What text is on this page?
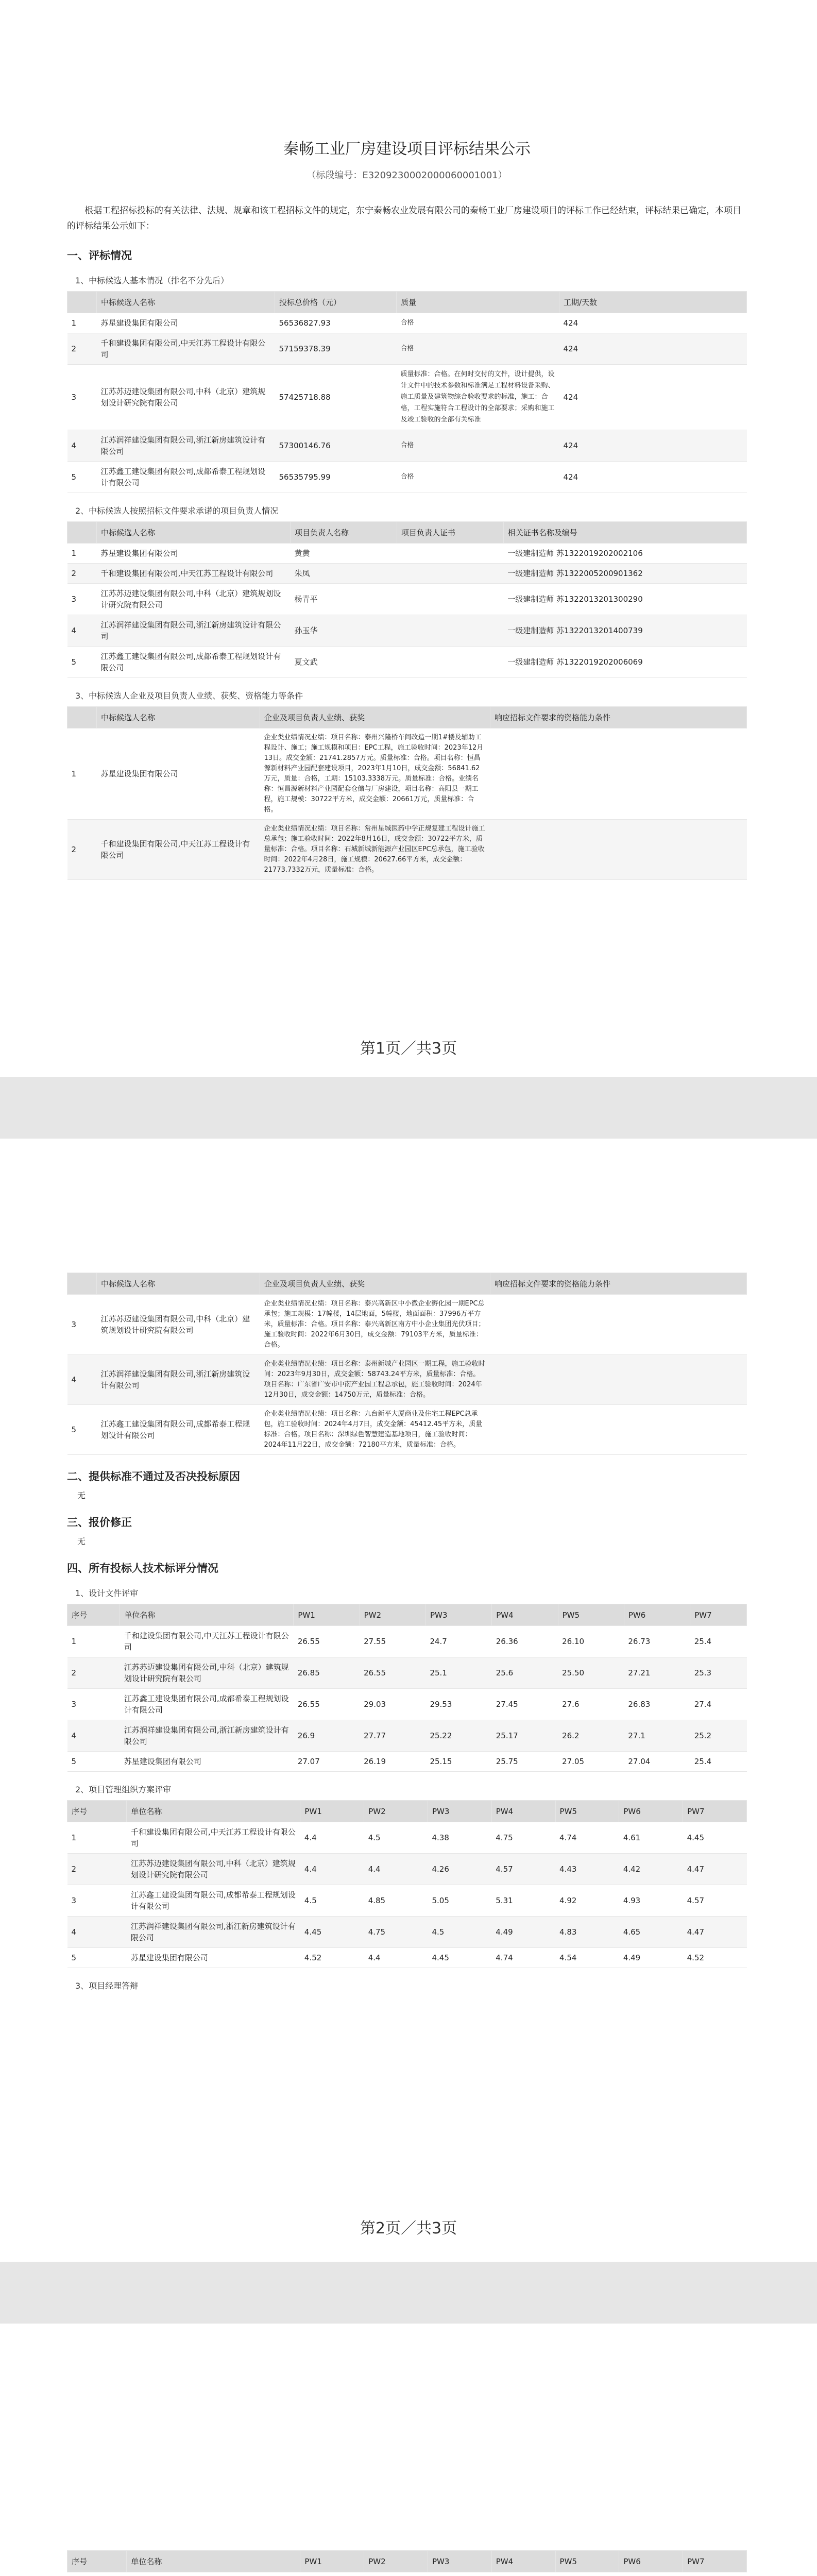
秦畅工业厂房建设项目评标结果公示
（标段编号：E3209230002000060001001）
根据工程招标投标的有关法律、法规、规章和该工程招标文件的规定，东宁秦畅农业发展有限公司的秦畅工业厂房建设项目的评标工作已经结束，评标结果已确定，本项目的评标结果公示如下：
一、评标情况
1、中标候选人基本情况（排名不分先后）
	中标候选人名称	投标总价格（元）	质量	工期/天数
1	苏星建设集团有限公司	56536827.93	合格	424
2	千和建设集团有限公司,中天江苏工程设计有限公司	57159378.39	合格	424
3	江苏苏迈建设集团有限公司,中科（北京）建筑规划设计研究院有限公司	57425718.88	质量标准：合格。在何时交付的文件，设计提供，设计文件中的技术参数和标准满足工程材料设备采购、施工质量及建筑物综合验收要求的标准，施工：合格，工程实施符合工程设计的全部要求；采购和施工及竣工验收的全部有关标准	424
4	江苏润祥建设集团有限公司,浙江新房建筑设计有限公司	57300146.76	合格	424
5	江苏鑫工建设集团有限公司,成都希泰工程规划设计有限公司	56535795.99	合格	424
2、中标候选人按照招标文件要求承诺的项目负责人情况
	中标候选人名称	项目负责人名称	项目负责人证书	相关证书名称及编号
1	苏星建设集团有限公司	黄黄		一级建制造师 苏1322019202002106
2	千和建设集团有限公司,中天江苏工程设计有限公司	朱凤		一级建制造师 苏1322005200901362
3	江苏苏迈建设集团有限公司,中科（北京）建筑规划设计研究院有限公司	杨青平		一级建制造师 苏1322013201300290
4	江苏润祥建设集团有限公司,浙江新房建筑设计有限公司	孙玉华		一级建制造师 苏1322013201400739
5	江苏鑫工建设集团有限公司,成都希泰工程规划设计有限公司	夏文武		一级建制造师 苏1322019202006069
3、中标候选人企业及项目负责人业绩、获奖、资格能力等条件
	中标候选人名称	企业及项目负责人业绩、获奖	响应招标文件要求的资格能力条件
1	苏星建设集团有限公司	企业类业绩情况业绩：项目名称：泰州兴隆桥车间改造一期1#楼及辅助工程设计、施工；施工规模和项目：EPC工程，施工验收时间：2023年12月13日。成交金额：21741.2857万元。质量标准：合格。项目名称：恒昌源新材料产业园配套建设项目，2023年1月10日，成交金额：56841.62万元，质量：合格，工期：15103.3338万元。质量标准：合格。业绩名称：恒昌源新材料产业园配套仓储与厂房建设，项目名称：高阳县一期工程，施工规模：30722平方米，成交金额：20661万元，质量标准：合格。	
2	千和建设集团有限公司,中天江苏工程设计有限公司	企业类业绩情况业绩：项目名称：常州星城医药中学正规复建工程设计施工总承包；施工验收时间：2022年8月16日，成交金额：30722平方米，质量标准：合格。项目名称：石城新城新能源产业园区EPC总承包，施工验收时间：2022年4月28日，施工规模：20627.66平方米，成交金额：21773.7332万元，质量标准：合格。	
第1页／共3页
	中标候选人名称	企业及项目负责人业绩、获奖	响应招标文件要求的资格能力条件
3	江苏苏迈建设集团有限公司,中科（北京）建筑规划设计研究院有限公司	企业类业绩情况业绩：项目名称：泰兴高新区中小微企业孵化园一期EPC总承包；施工规模：17幢楼，14层地面，5幢楼，地面面积：37996万平方米，质量标准：合格。项目名称：泰兴高新区南方中小企业集团光伏项目；施工验收时间：2022年6月30日，成交金额：79103平方米，质量标准：合格。	
4	江苏润祥建设集团有限公司,浙江新房建筑设计有限公司	企业类业绩情况业绩：项目名称：泰州新城产业园区一期工程，施工验收时间：2023年9月30日，成交金额：58743.24平方米，质量标准：合格。项目名称：广东省广安市中南产业园工程总承包，施工验收时间：2024年12月30日，成交金额：14750万元，质量标准：合格。	
5	江苏鑫工建设集团有限公司,成都希泰工程规划设计有限公司	企业类业绩情况业绩：项目名称：九台新平大厦商业及住宅工程EPC总承包，施工验收时间：2024年4月7日，成交金额：45412.45平方米，质量标准：合格。项目名称：深圳绿色智慧建造基地项目，施工验收时间：2024年11月22日，成交金额：72180平方米，质量标准：合格。	
二、提供标准不通过及否决投标原因
无
三、报价修正
无
四、所有投标人技术标评分情况
1、设计文件评审
序号	单位名称	PW1	PW2	PW3	PW4	PW5	PW6	PW7
1	千和建设集团有限公司,中天江苏工程设计有限公司	26.55	27.55	24.7	26.36	26.10	26.73	25.4
2	江苏苏迈建设集团有限公司,中科（北京）建筑规划设计研究院有限公司	26.85	26.55	25.1	25.6	25.50	27.21	25.3
3	江苏鑫工建设集团有限公司,成都希泰工程规划设计有限公司	26.55	29.03	29.53	27.45	27.6	26.83	27.4
4	江苏润祥建设集团有限公司,浙江新房建筑设计有限公司	26.9	27.77	25.22	25.17	26.2	27.1	25.2
5	苏星建设集团有限公司	27.07	26.19	25.15	25.75	27.05	27.04	25.4
2、项目管理组织方案评审
序号	单位名称	PW1	PW2	PW3	PW4	PW5	PW6	PW7
1	千和建设集团有限公司,中天江苏工程设计有限公司	4.4	4.5	4.38	4.75	4.74	4.61	4.45
2	江苏苏迈建设集团有限公司,中科（北京）建筑规划设计研究院有限公司	4.4	4.4	4.26	4.57	4.43	4.42	4.47
3	江苏鑫工建设集团有限公司,成都希泰工程规划设计有限公司	4.5	4.85	5.05	5.31	4.92	4.93	4.57
4	江苏润祥建设集团有限公司,浙江新房建筑设计有限公司	4.45	4.75	4.5	4.49	4.83	4.65	4.47
5	苏星建设集团有限公司	4.52	4.4	4.45	4.74	4.54	4.49	4.52
3、项目经理答辩
第2页／共3页
序号	单位名称	PW1	PW2	PW3	PW4	PW5	PW6	PW7
